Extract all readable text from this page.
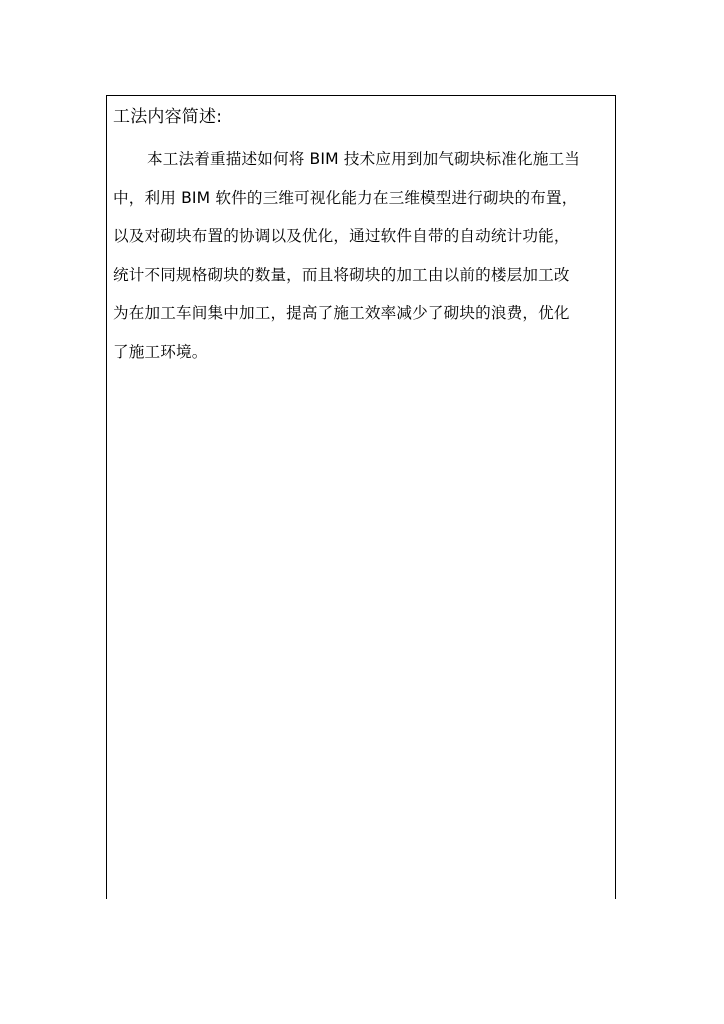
工法内容简述:
本工法着重描述如何将 BIM 技术应用到加气砌块标准化施工当
中，利用 BIM 软件的三维可视化能力在三维模型进行砌块的布置，
以及对砌块布置的协调以及优化，通过软件自带的自动统计功能，
统计不同规格砌块的数量，而且将砌块的加工由以前的楼层加工改
为在加工车间集中加工，提高了施工效率减少了砌块的浪费，优化
了施工环境。
